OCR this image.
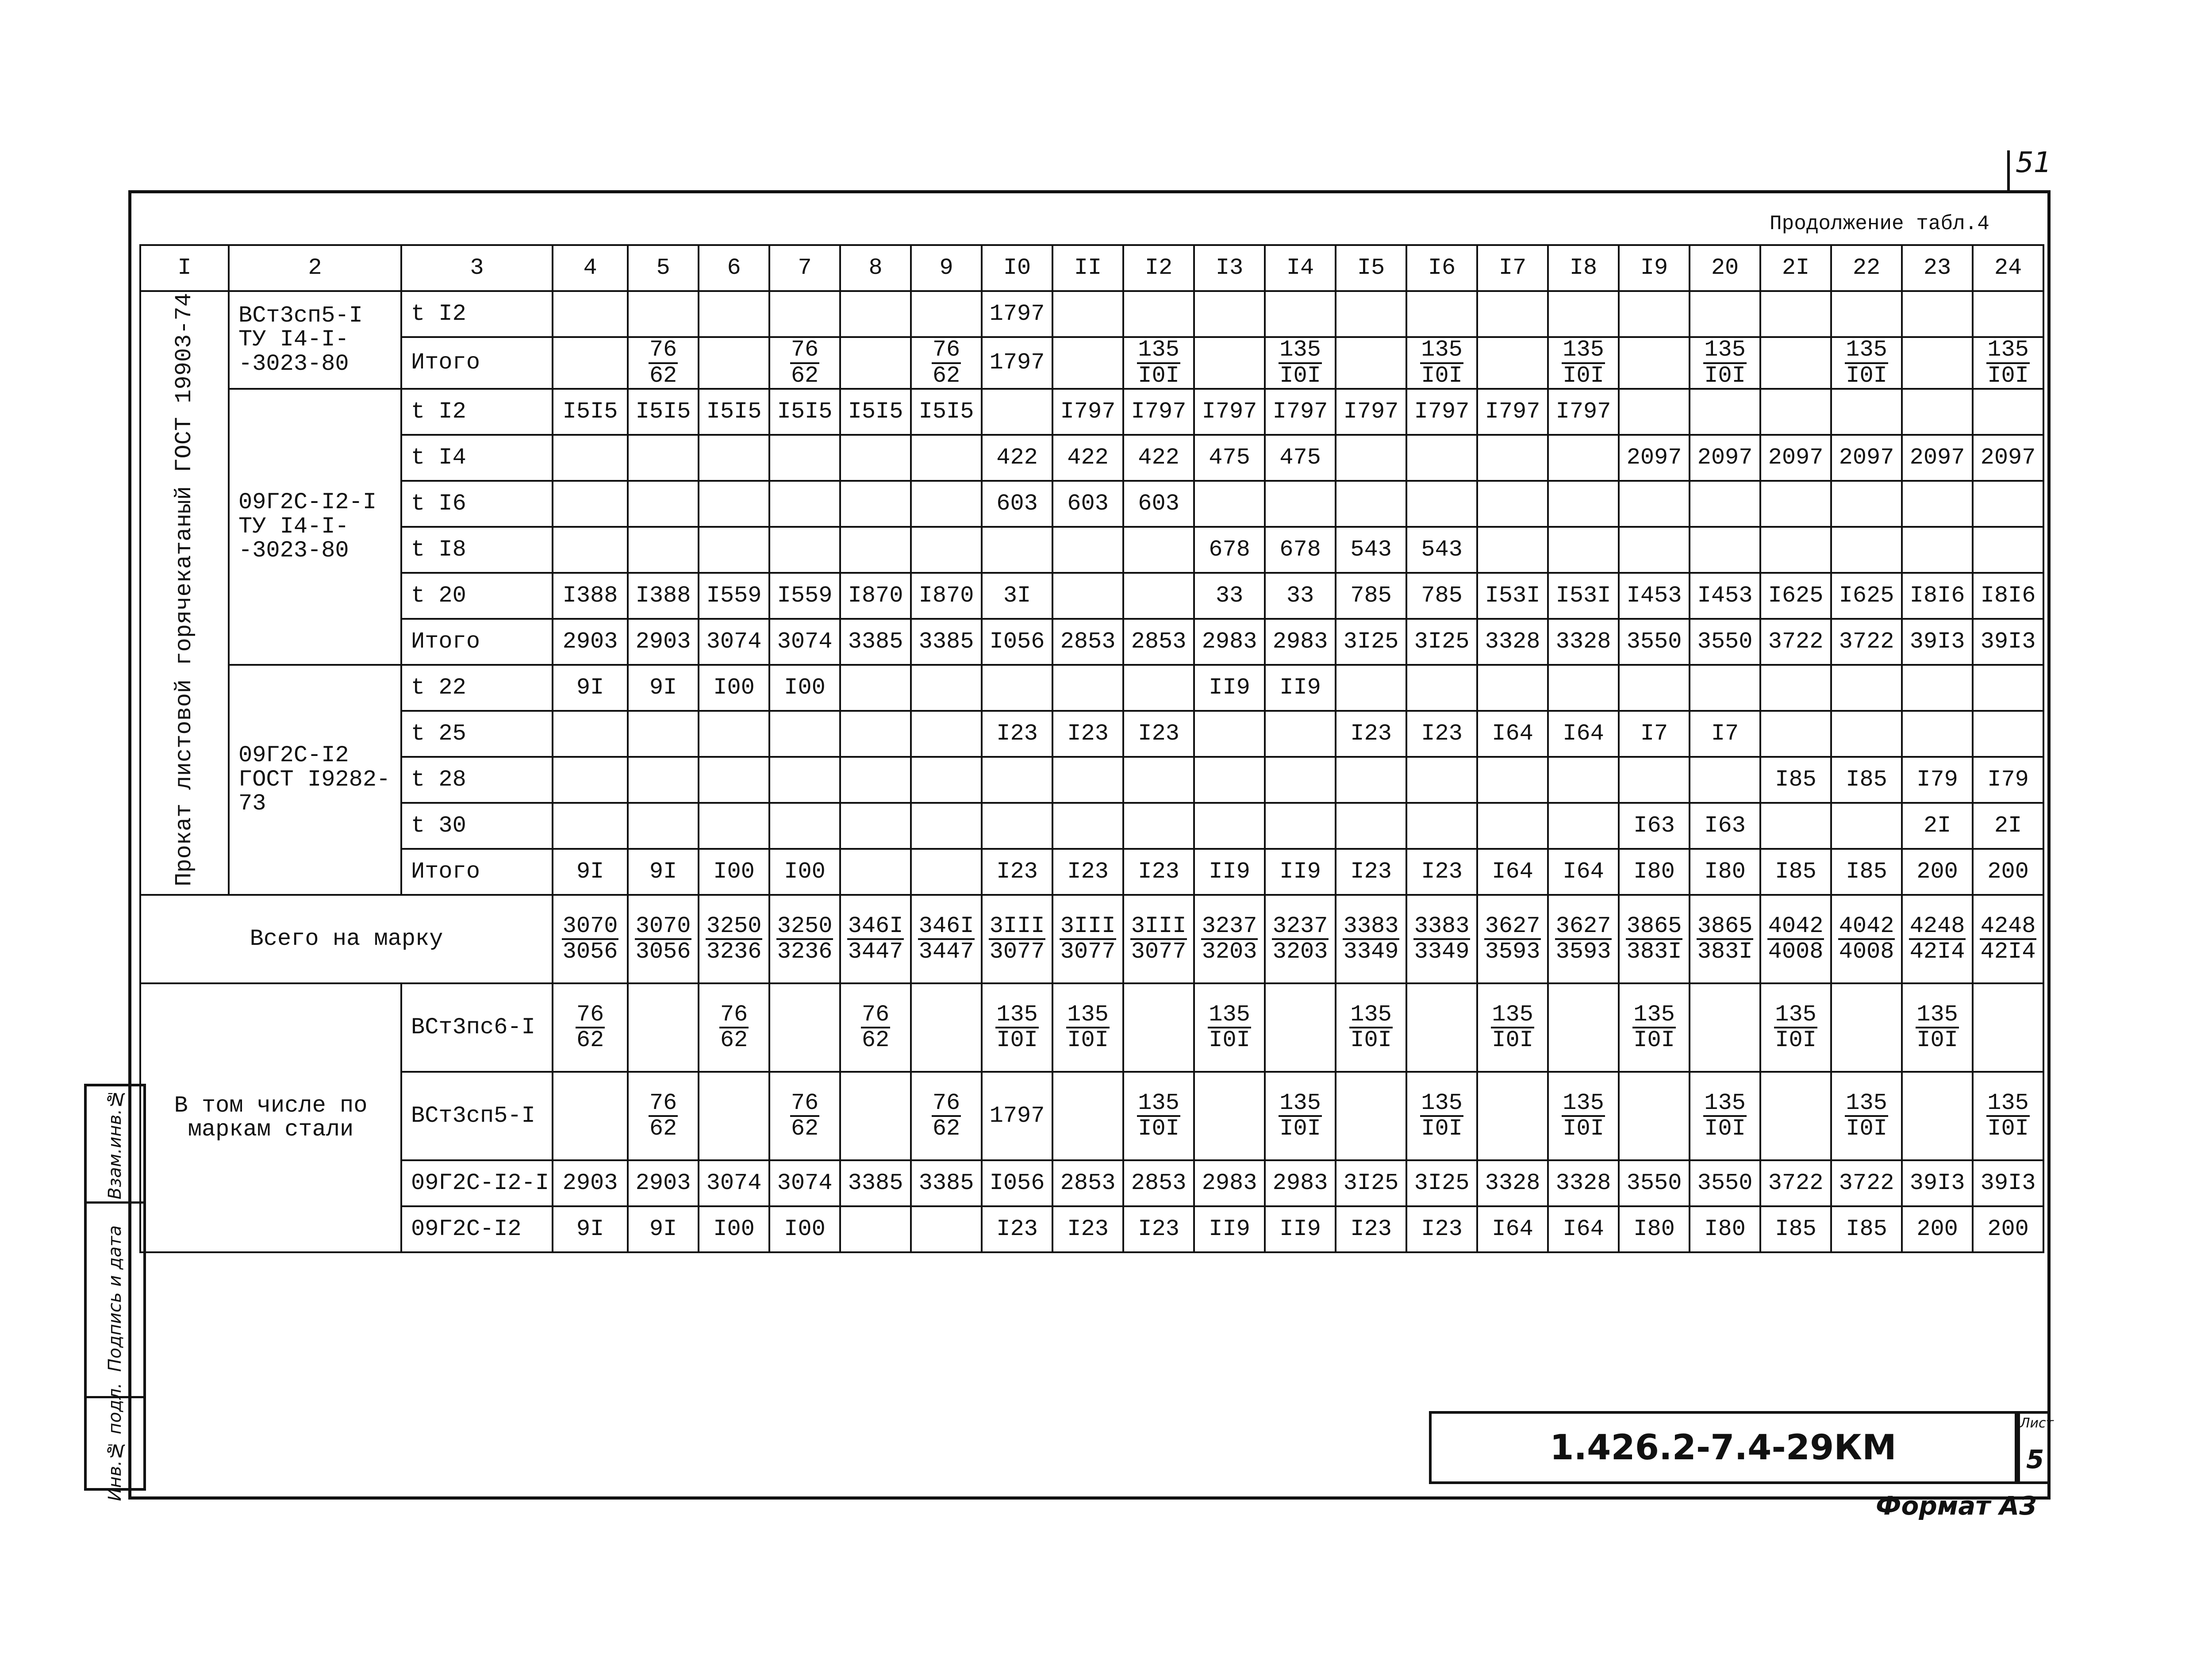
51
Продолжение табл.4
I	2	3	4	5	6	7	8	9	I0	II	I2	I3	I4	I5	I6	I7	I8	I9	20	2I	22	23	24
Прокат листовой горячекатаный ГОСТ 19903-74	ВСт3сп5-I ТУ I4-I- -3023-80	t I2							1797														
		Итого		$\frac{76}{62}$		$\frac{76}{62}$		$\frac{76}{62}$	1797		$\frac{135}{I0I}$		$\frac{135}{I0I}$		$\frac{135}{I0I}$		$\frac{135}{I0I}$		$\frac{135}{I0I}$		$\frac{135}{I0I}$		$\frac{135}{I0I}$

	09Г2С-I2-I ТУ I4-I- -3023-80	t I2	I5I5	I5I5	I5I5	I5I5	I5I5	I5I5		I797	I797	I797	I797	I797	I797	I797	I797						
		t I4							422	422	422	475	475					2097	2097	2097	2097	2097	2097
		t I6							603	603	603												
		t I8										678	678	543	543								
		t 20	I388	I388	I559	I559	I870	I870	3I			33	33	785	785	I53I	I53I	I453	I453	I625	I625	I8I6	I8I6
		Итого	2903	2903	3074	3074	3385	3385	I056	2853	2853	2983	2983	3I25	3I25	3328	3328	3550	3550	3722	3722	39I3	39I3
	09Г2С-I2 ГОСТ I9282-73	t 22	9I	9I	I00	I00						II9	II9										
		t 25							I23	I23	I23			I23	I23	I64	I64	I7	I7				
		t 28																		I85	I85	I79	I79
		t 30																I63	I63			2I	2I
		Итого	9I	9I	I00	I00			I23	I23	I23	II9	II9	I23	I23	I64	I64	I80	I80	I85	I85	200	200
Всего на марку			$\frac{3070}{3056}$	$\frac{3070}{3056}$	$\frac{3250}{3236}$	$\frac{3250}{3236}$	$\frac{346I}{3447}$	$\frac{346I}{3447}$	$\frac{\text{3III}}{3077}$	$\frac{\text{3III}}{3077}$	$\frac{\text{3III}}{3077}$	$\frac{3237}{3203}$	$\frac{3237}{3203}$	$\frac{3383}{3349}$	$\frac{3383}{3349}$	$\frac{3627}{3593}$	$\frac{3627}{3593}$	$\frac{3865}{383I}$	$\frac{3865}{383I}$	$\frac{4042}{4008}$	$\frac{4042}{4008}$	$\frac{4248}{42I4}$	$\frac{4248}{42I4}$

В том числе по маркам стали		ВСт3пс6-I	$\frac{76}{62}$		$\frac{76}{62}$		$\frac{76}{62}$		$\frac{135}{I0I}$	$\frac{135}{I0I}$		$\frac{135}{I0I}$		$\frac{135}{I0I}$		$\frac{135}{I0I}$		$\frac{135}{I0I}$		$\frac{135}{I0I}$		$\frac{135}{I0I}$

		ВСт3сп5-I		$\frac{76}{62}$		$\frac{76}{62}$		$\frac{76}{62}$	1797		$\frac{135}{I0I}$		$\frac{135}{I0I}$		$\frac{135}{I0I}$		$\frac{135}{I0I}$		$\frac{135}{I0I}$		$\frac{135}{I0I}$		$\frac{135}{I0I}$

		09Г2С-I2-I	2903	2903	3074	3074	3385	3385	I056	2853	2853	2983	2983	3I25	3I25	3328	3328	3550	3550	3722	3722	39I3	39I3
		09Г2С-I2	9I	9I	I00	I00			I23	I23	I23	II9	II9	I23	I23	I64	I64	I80	I80	I85	I85	200	200
Взам.инв.№
Подпись и дата
Инв.№ подл.	1.426.2-7.4-29КМ
Лист
5
Формат А3
